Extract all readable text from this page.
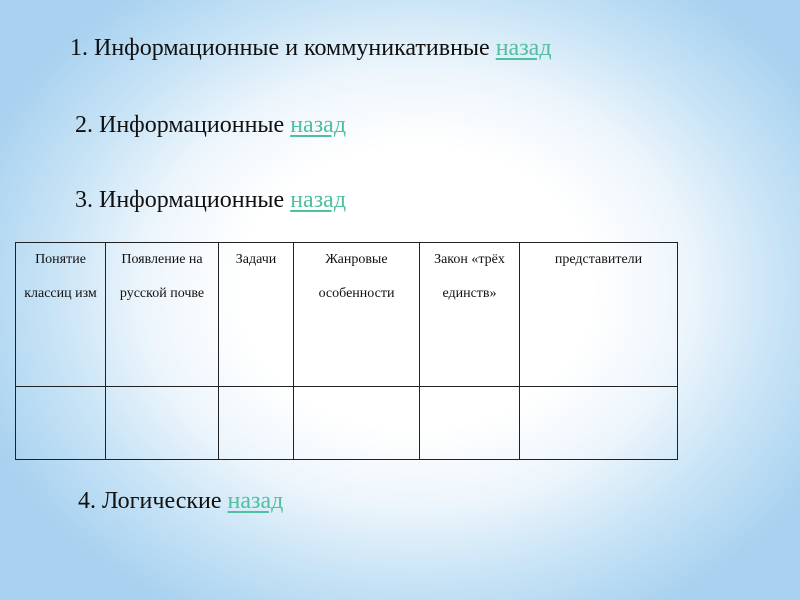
1. Информационные и коммуникативные назад
2. Информационные назад
3. Информационные назад
Понятие классиц изм	Появление на русской почве	Задачи	Жанровые особенности	Закон «трёх единств»	представители

4. Логические назад
